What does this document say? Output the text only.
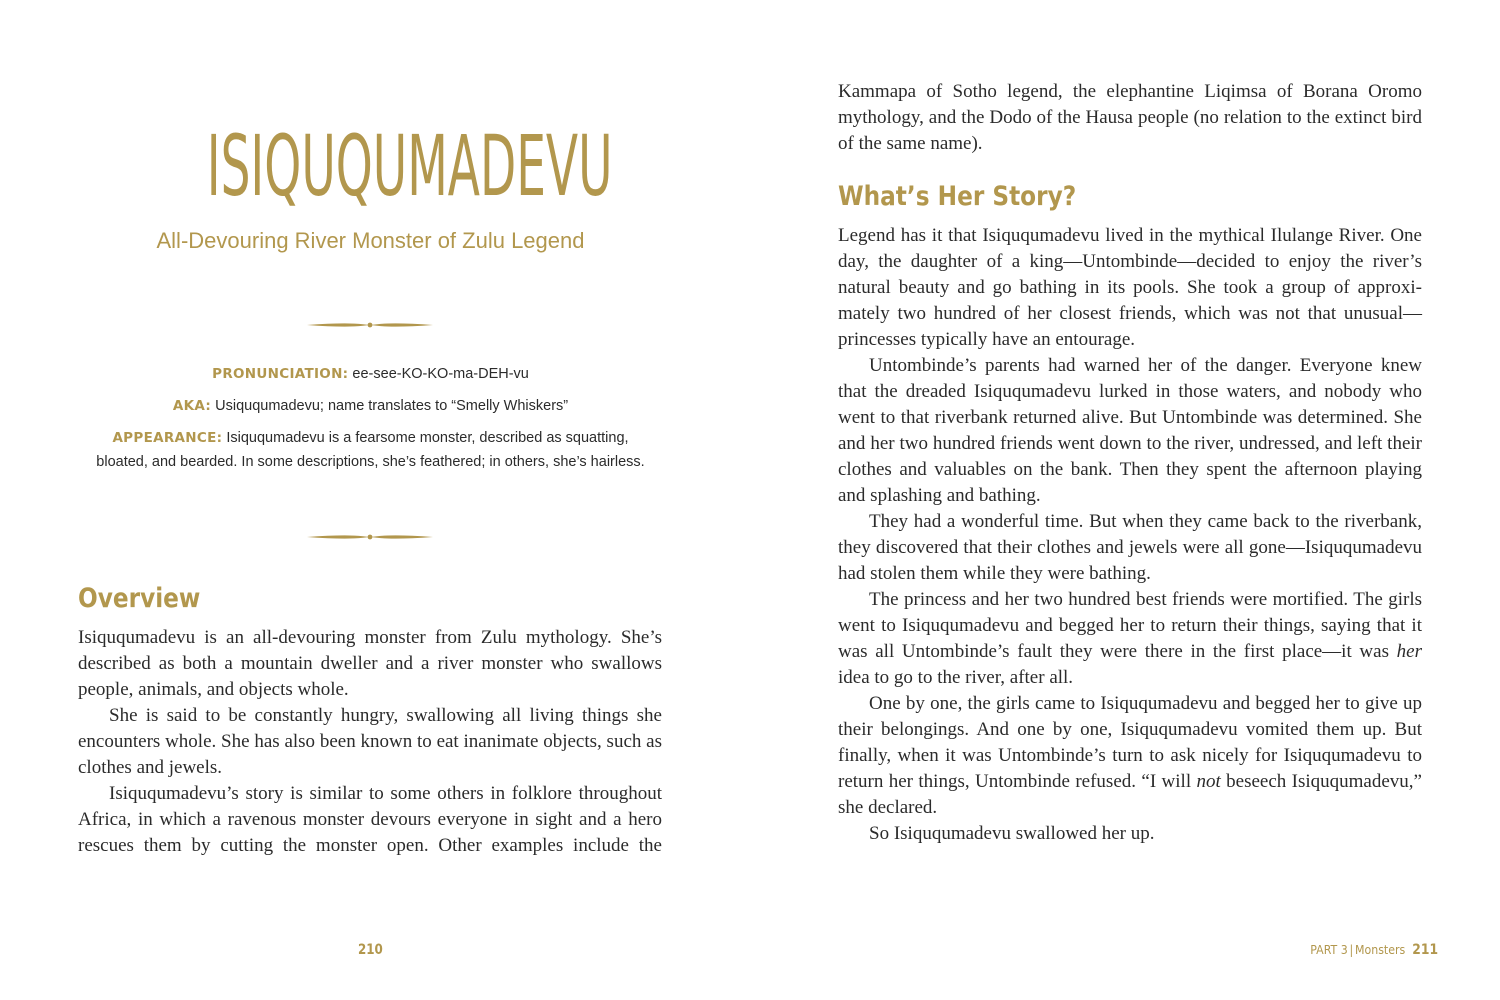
ISIQUQUMADEVU

All-Devouring River Monster of Zulu Legend

PRONUNCIATION: ee-see-KO-KO-ma-DEH-vu

AKA: Usiququmadevu; name translates to “Smelly Whiskers”

APPEARANCE: Isiququmadevu is a fearsome monster, described as squatting, bloated, and bearded. In some descriptions, she’s feathered; in others, she’s hairless.

Overview

Isiququmadevu is an all-devouring monster from Zulu mythology. She’s described as both a mountain dweller and a river monster who swallows people, animals, and objects whole.

She is said to be constantly hungry, swallowing all living things she encounters whole. She has also been known to eat inanimate objects, such as clothes and jewels.

Isiququmadevu’s story is similar to some others in folklore throughout Africa, in which a ravenous monster devours everyone in sight and a hero rescues them by cutting the monster open. Other examples include the

210

Kammapa of Sotho legend, the elephantine Liqimsa of Borana Oromo mythology, and the Dodo of the Hausa people (no relation to the extinct bird of the same name).

What’s Her Story?

Legend has it that Isiququmadevu lived in the mythical Ilulange River. One day, the daughter of a king—Untombinde—decided to enjoy the river’s natural beauty and go bathing in its pools. She took a group of approximately two hundred of her closest friends, which was not that unusual—princesses typically have an entourage.

Untombinde’s parents had warned her of the danger. Everyone knew that the dreaded Isiququmadevu lurked in those waters, and nobody who went to that riverbank returned alive. But Untombinde was determined. She and her two hundred friends went down to the river, undressed, and left their clothes and valuables on the bank. Then they spent the afternoon playing and splashing and bathing.

They had a wonderful time. But when they came back to the riverbank, they discovered that their clothes and jewels were all gone—Isiququmadevu had stolen them while they were bathing.

The princess and her two hundred best friends were mortified. The girls went to Isiququmadevu and begged her to return their things, saying that it was all Untombinde’s fault they were there in the first place—it was her idea to go to the river, after all.

One by one, the girls came to Isiququmadevu and begged her to give up their belongings. And one by one, Isiququmadevu vomited them up. But finally, when it was Untombinde’s turn to ask nicely for Isiququmadevu to return her things, Untombinde refused. “I will not beseech Isiququmadevu,” she declared.

So Isiququmadevu swallowed her up.

PART 3 | Monsters 211
